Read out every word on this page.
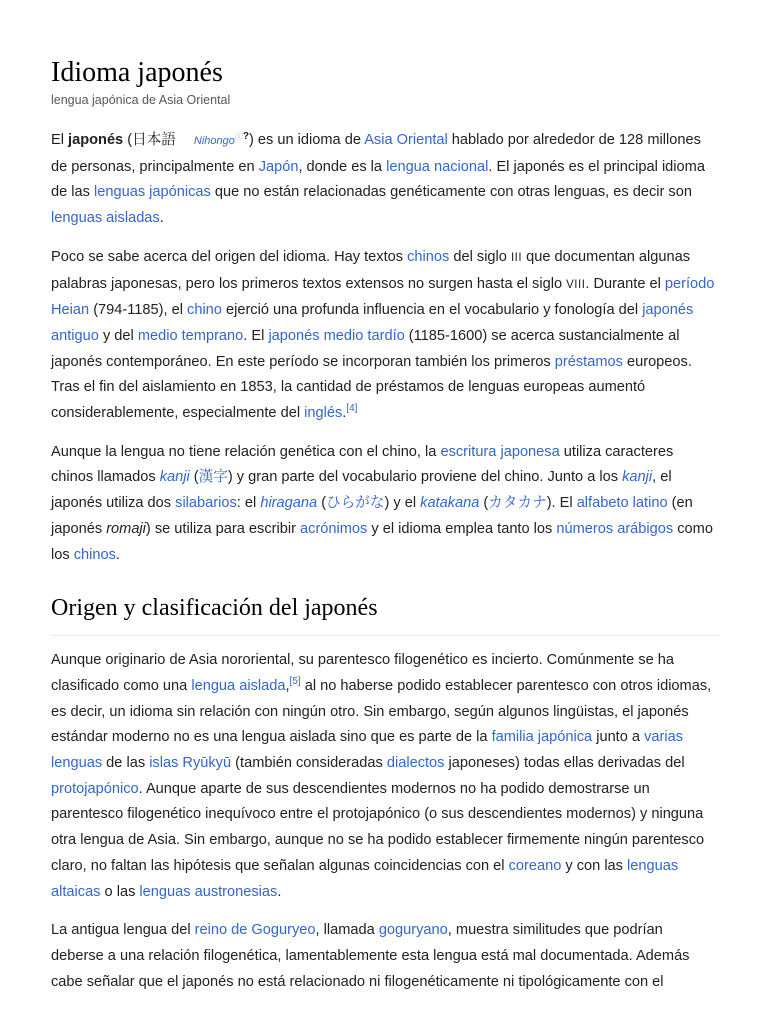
Idioma japonés
lengua japónica de Asia Oriental

El japonés (日本語 Nihongoⓘ?) es un idioma de Asia Oriental hablado por alrededor de 128 millones de personas, principalmente en Japón, donde es la lengua nacional. El japonés es el principal idioma de las lenguas japónicas que no están relacionadas genéticamente con otras lenguas, es decir son lenguas aisladas.

Poco se sabe acerca del origen del idioma. Hay textos chinos del siglo III que documentan algunas palabras japonesas, pero los primeros textos extensos no surgen hasta el siglo VIII. Durante el período Heian (794-1185), el chino ejerció una profunda influencia en el vocabulario y fonología del japonés antiguo y del medio temprano. El japonés medio tardío (1185-1600) se acerca sustancialmente al japonés contemporáneo. En este período se incorporan también los primeros préstamos europeos. Tras el fin del aislamiento en 1853, la cantidad de préstamos de lenguas europeas aumentó considerablemente, especialmente del inglés.[4]

Aunque la lengua no tiene relación genética con el chino, la escritura japonesa utiliza caracteres chinos llamados kanji (漢字) y gran parte del vocabulario proviene del chino. Junto a los kanji, el japonés utiliza dos silabarios: el hiragana (ひらがな) y el katakana (カタカナ). El alfabeto latino (en japonés romaji) se utiliza para escribir acrónimos y el idioma emplea tanto los números arábigos como los chinos.

Origen y clasificación del japonés

Aunque originario de Asia nororiental, su parentesco filogenético es incierto. Comúnmente se ha clasificado como una lengua aislada,[5] al no haberse podido establecer parentesco con otros idiomas, es decir, un idioma sin relación con ningún otro. Sin embargo, según algunos lingüistas, el japonés estándar moderno no es una lengua aislada sino que es parte de la familia japónica junto a varias lenguas de las islas Ryūkyū (también consideradas dialectos japoneses) todas ellas derivadas del protojapónico. Aunque aparte de sus descendientes modernos no ha podido demostrarse un parentesco filogenético inequívoco entre el protojapónico (o sus descendientes modernos) y ninguna otra lengua de Asia. Sin embargo, aunque no se ha podido establecer firmemente ningún parentesco claro, no faltan las hipótesis que señalan algunas coincidencias con el coreano y con las lenguas altaicas o las lenguas austronesias.

La antigua lengua del reino de Goguryeo, llamada goguryano, muestra similitudes que podrían deberse a una relación filogenética, lamentablemente esta lengua está mal documentada. Además cabe señalar que el japonés no está relacionado ni filogenéticamente ni tipológicamente con el
